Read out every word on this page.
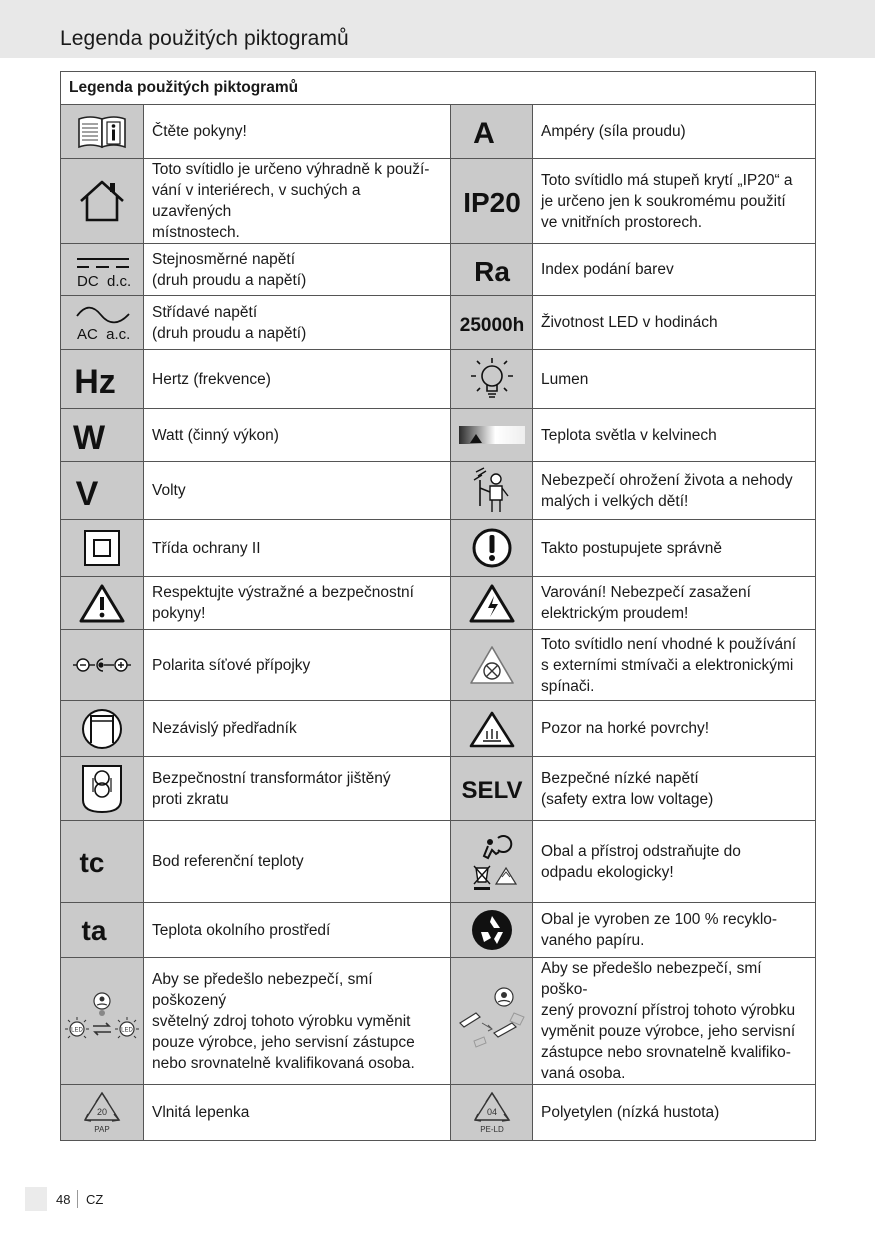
Legenda použitých piktogramů
Legenda použitých piktogramů			

	Čtěte pokyny!	A	Ampéry (síla proudu)

	Toto svítidlo je určeno výhradně k použí-
vání v interiérech, v suchých a uzavřených
místnostech.	IP20	Toto svítidlo má stupeň krytí „IP20“ a
je určeno jen k soukromému použití
ve vnitřních prostorech.

DC  d.c.	Stejnosměrné napětí
(druh proudu a napětí)	Ra	Index podání barev

AC  a.c.	Střídavé napětí
(druh proudu a napětí)	25000h	Životnost LED v hodinách

Hz	Hertz (frekvence)		Lumen

W	Watt (činný výkon)		Teplota světla v kelvinech

V	Volty		Nebezpečí ohrožení života a nehody
malých i velkých dětí!

	Třída ochrany II		Takto postupujete správně

	Respektujte výstražné a bezpečnostní
pokyny!		Varování! Nebezpečí zasažení
elektrickým proudem!

	Polarita síťové přípojky		Toto svítidlo není vhodné k používání
s externími stmívači a elektronickými
spínači.

	Nezávislý předřadník		Pozor na horké povrchy!

	Bezpečnostní transformátor jištěný
proti zkratu	SELV	Bezpečné nízké napětí
(safety extra low voltage)

tc	Bod referenční teploty		Obal a přístroj odstraňujte do
odpadu ekologicky!

ta	Teplota okolního prostředí		Obal je vyroben ze 100 % recyklo-
vaného papíru.

LED LED	Aby se předešlo nebezpečí, smí poškozený
světelný zdroj tohoto výrobku vyměnit
pouze výrobce, jeho servisní zástupce
nebo srovnatelně kvalifikovaná osoba.		Aby se předešlo nebezpečí, smí poško-
zený provozní přístroj tohoto výrobku
vyměnit pouze výrobce, jeho servisní
zástupce nebo srovnatelně kvalifiko-
vaná osoba.

20
PAP	Vlnitá lepenka	04
PE-LD	Polyetylen (nízká hustota)
48 CZ
